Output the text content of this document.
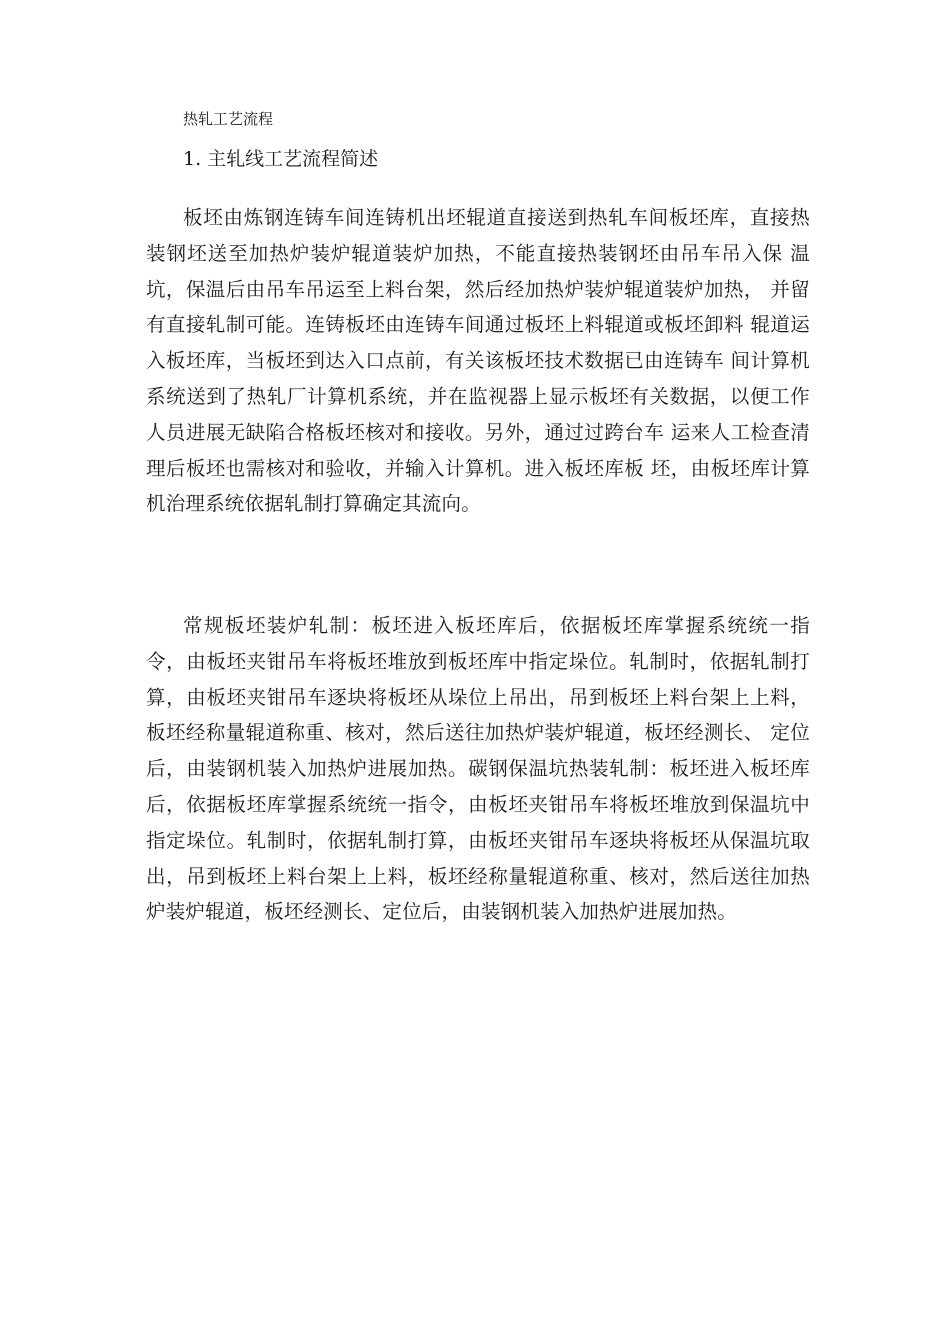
热轧工艺流程
1. 主轧线工艺流程简述

板坯由炼钢连铸车间连铸机出坯辊道直接送到热轧车间板坯库，直接热装钢坯送至加热炉装炉辊道装炉加热，不能直接热装钢坯由吊车吊入保 温坑，保温后由吊车吊运至上料台架，然后经加热炉装炉辊道装炉加热， 并留有直接轧制可能。连铸板坯由连铸车间通过板坯上料辊道或板坯卸料 辊道运入板坯库，当板坯到达入口点前，有关该板坯技术数据已由连铸车 间计算机系统送到了热轧厂计算机系统，并在监视器上显示板坯有关数据，以便工作人员进展无缺陷合格板坯核对和接收。另外，通过过跨台车 运来人工检查清理后板坯也需核对和验收，并输入计算机。进入板坯库板 坯，由板坯库计算机治理系统依据轧制打算确定其流向。

常规板坯装炉轧制：板坯进入板坯库后，依据板坯库掌握系统统一指令，由板坯夹钳吊车将板坯堆放到板坯库中指定垛位。轧制时，依据轧制打算，由板坯夹钳吊车逐块将板坯从垛位上吊出，吊到板坯上料台架上上料，板坯经称量辊道称重、核对，然后送往加热炉装炉辊道，板坯经测长、 定位后，由装钢机装入加热炉进展加热。碳钢保温坑热装轧制：板坯进入板坯库后，依据板坯库掌握系统统一指令，由板坯夹钳吊车将板坯堆放到保温坑中指定垛位。轧制时，依据轧制打算，由板坯夹钳吊车逐块将板坯从保温坑取出，吊到板坯上料台架上上料，板坯经称量辊道称重、核对，然后送往加热炉装炉辊道，板坯经测长、定位后，由装钢机装入加热炉进展加热。
